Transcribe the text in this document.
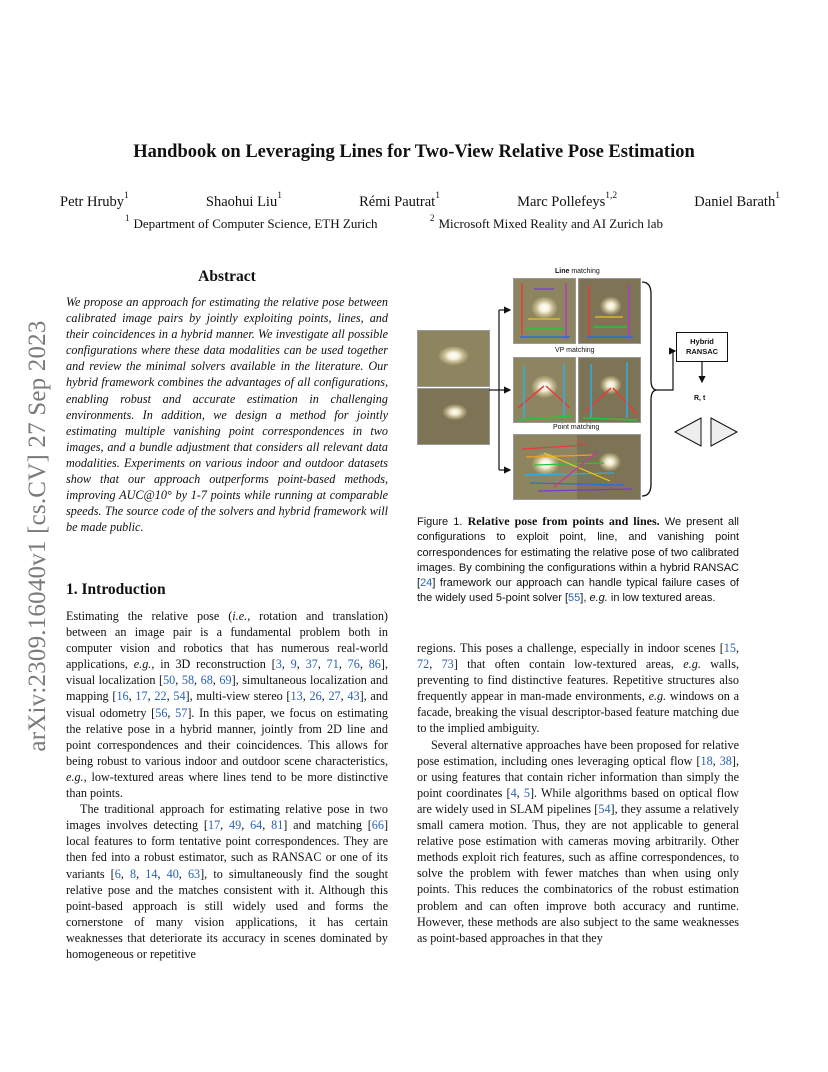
arXiv:2309.16040v1 [cs.CV] 27 Sep 2023
Handbook on Leveraging Lines for Two-View Relative Pose Estimation
Petr Hruby$^1$	Shaohui Liu$^1$	Rémi Pautrat$^1$	Marc Pollefeys$^{1,2}$	Daniel Barath$^1$
$^1$ Department of Computer Science, ETH Zurich	$^2$ Microsoft Mixed Reality and AI Zurich lab
Abstract
We propose an approach for estimating the relative pose between calibrated image pairs by jointly exploiting points, lines, and their coincidences in a hybrid manner. We investigate all possible configurations where these data modalities can be used together and review the minimal solvers available in the literature. Our hybrid framework combines the advantages of all configurations, enabling robust and accurate estimation in challenging environments. In addition, we design a method for jointly estimating multiple vanishing point correspondences in two images, and a bundle adjustment that considers all relevant data modalities. Experiments on various indoor and outdoor datasets show that our approach outperforms point-based methods, improving AUC@10° by 1-7 points while running at comparable speeds. The source code of the solvers and hybrid framework will be made public.
1. Introduction

Estimating the relative pose (i.e., rotation and translation) between an image pair is a fundamental problem both in computer vision and robotics that has numerous real-world applications, e.g., in 3D reconstruction [3, 9, 37, 71, 76, 86], visual localization [50, 58, 68, 69], simultaneous localization and mapping [16, 17, 22, 54], multi-view stereo [13, 26, 27, 43], and visual odometry [56, 57]. In this paper, we focus on estimating the relative pose in a hybrid manner, jointly from 2D line and point correspondences and their coincidences. This allows for being robust to various indoor and outdoor scene characteristics, e.g., low-textured areas where lines tend to be more distinctive than points.

The traditional approach for estimating relative pose in two images involves detecting [17, 49, 64, 81] and matching [66] local features to form tentative point correspondences. They are then fed into a robust estimator, such as RANSAC or one of its variants [6, 8, 14, 40, 63], to simultaneously find the sought relative pose and the matches consistent with it. Although this point-based approach is still widely used and forms the cornerstone of many vision applications, it has certain weaknesses that deteriorate its accuracy in scenes dominated by homogeneous or repetitive

Line matching
VP matching
Point matching
Hybrid
RANSAC
R, t
Figure 1. Relative pose from points and lines. We present all configurations to exploit point, line, and vanishing point correspondences for estimating the relative pose of two calibrated images. By combining the configurations within a hybrid RANSAC [24] framework our approach can handle typical failure cases of the widely used 5-point solver [55], e.g. in low textured areas.

regions. This poses a challenge, especially in indoor scenes [15, 72, 73] that often contain low-textured areas, e.g. walls, preventing to find distinctive features. Repetitive structures also frequently appear in man-made environments, e.g. windows on a facade, breaking the visual descriptor-based feature matching due to the implied ambiguity.

Several alternative approaches have been proposed for relative pose estimation, including ones leveraging optical flow [18, 38], or using features that contain richer information than simply the point coordinates [4, 5]. While algorithms based on optical flow are widely used in SLAM pipelines [54], they assume a relatively small camera motion. Thus, they are not applicable to general relative pose estimation with cameras moving arbitrarily. Other methods exploit rich features, such as affine correspondences, to solve the problem with fewer matches than when using only points. This reduces the combinatorics of the robust estimation problem and can often improve both accuracy and runtime. However, these methods are also subject to the same weaknesses as point-based approaches in that they
